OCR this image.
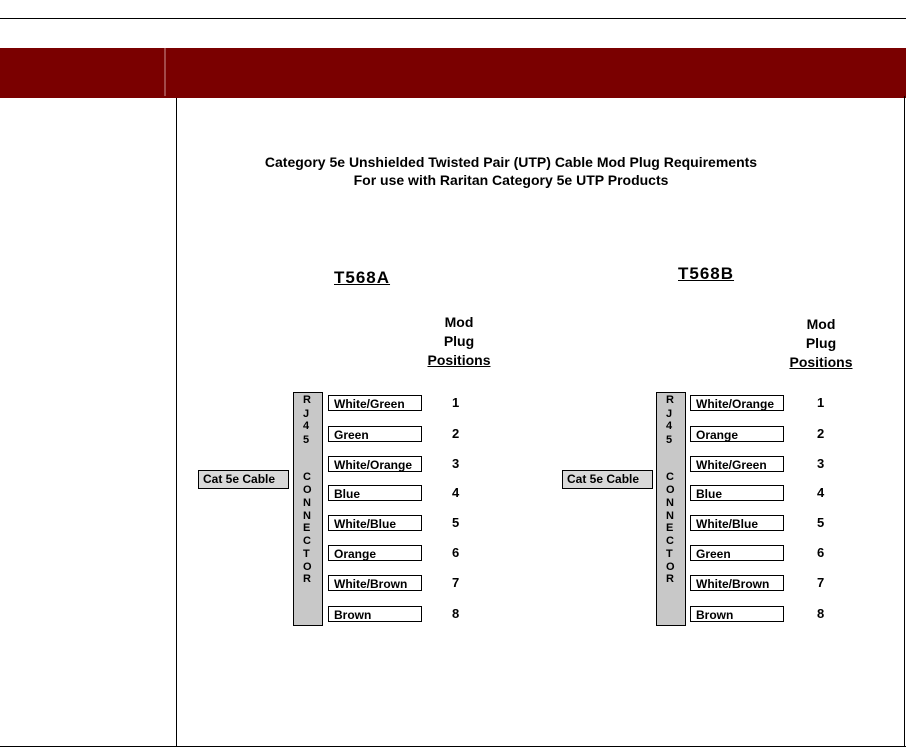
Category 5e Unshielded Twisted Pair (UTP) Cable Mod Plug Requirements
For use with Raritan Category 5e UTP Products
T568A
Mod
Plug
Positions
Cat 5e Cable
R
J
4
5
C
O
N
N
E
C
T
O
R
White/Green	1
Green	2
White/Orange	3
Blue	4
White/Blue	5
Orange	6
White/Brown	7
Brown	8
T568B
Mod
Plug
Positions
Cat 5e Cable
R
J
4
5
C
O
N
N
E
C
T
O
R
White/Orange	1
Orange	2
White/Green	3
Blue	4
White/Blue	5
Green	6
White/Brown	7
Brown	8
